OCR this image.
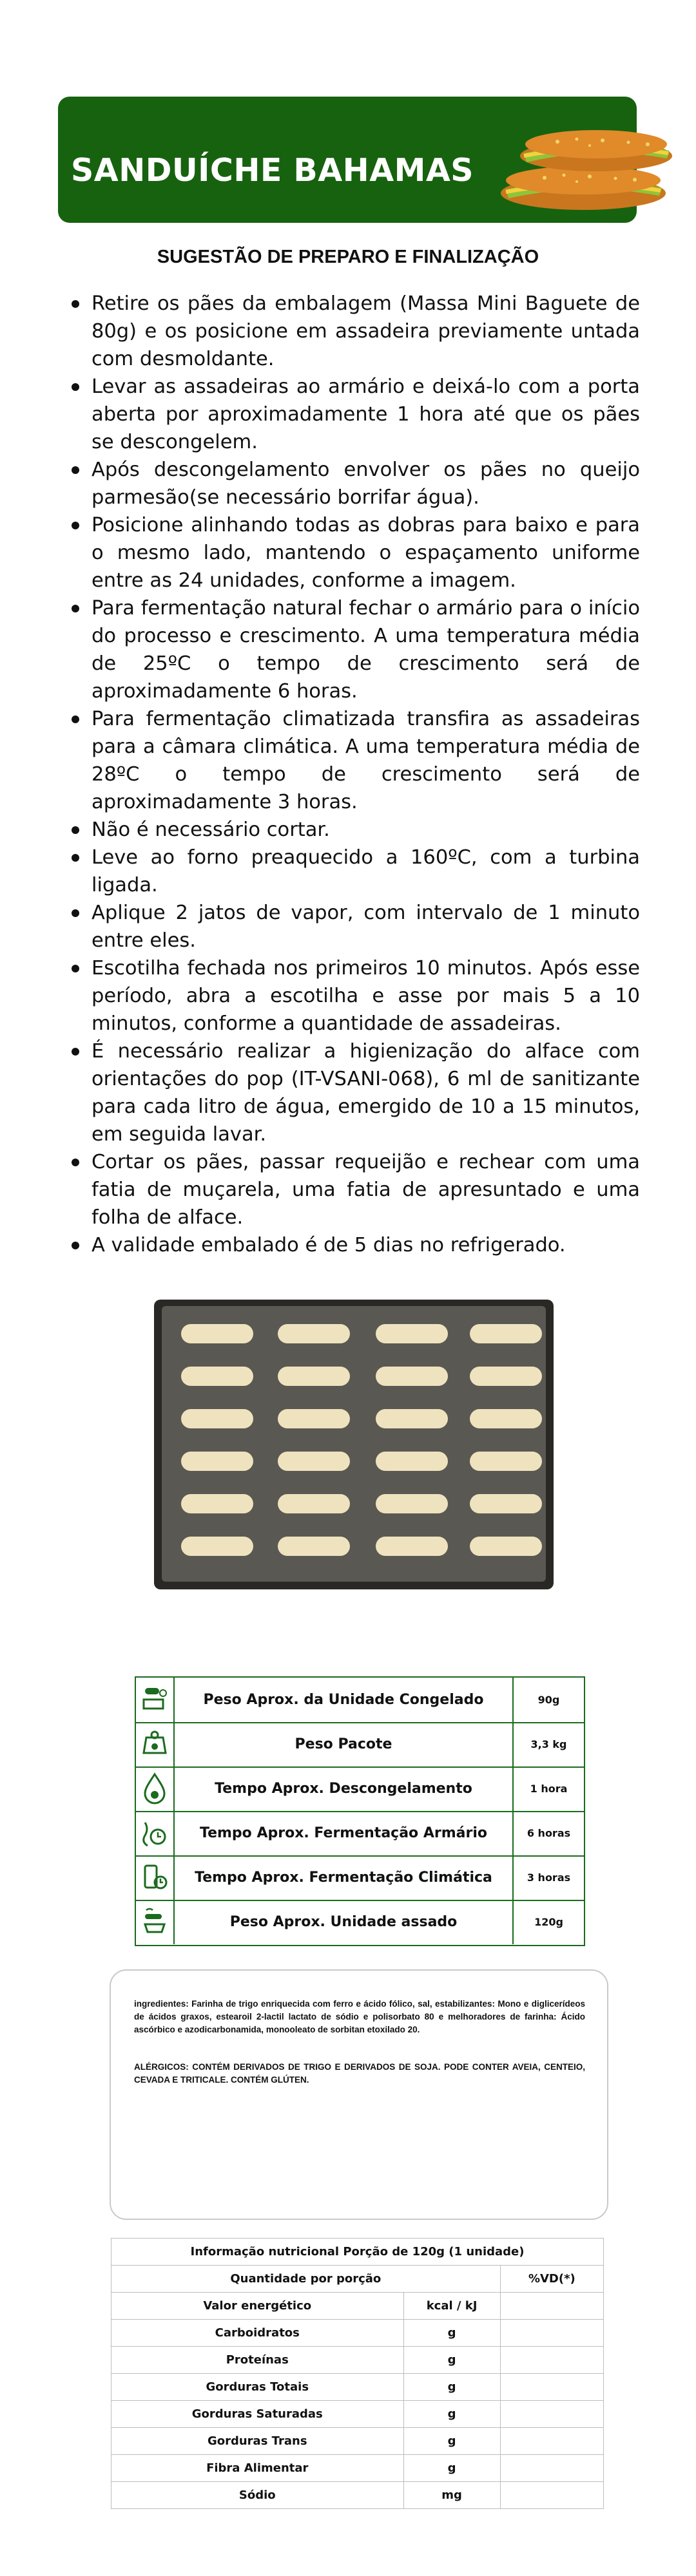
SANDUÍCHE BAHAMAS
SUGESTÃO DE PREPARO E FINALIZAÇÃO
Retire os pães da embalagem (Massa Mini Baguete de 80g) e os posicione em assadeira previamente untada com desmoldante.
Levar as assadeiras ao armário e deixá-lo com a porta aberta por aproximadamente 1 hora até que os pães se descongelem.
Após descongelamento envolver os pães no queijo parmesão(se necessário borrifar água).
Posicione alinhando todas as dobras para baixo e para o mesmo lado, mantendo o espaçamento uniforme entre as 24 unidades, conforme a imagem.
Para fermentação natural fechar o armário para o início do processo e crescimento. A uma temperatura média de 25ºC o tempo de crescimento será de aproximadamente 6 horas.
Para fermentação climatizada transfira as assadeiras para a câmara climática. A uma temperatura média de 28ºC o tempo de crescimento será de aproximadamente 3 horas.
Não é necessário cortar.
Leve ao forno preaquecido a 160ºC, com a turbina ligada.
Aplique 2 jatos de vapor, com intervalo de 1 minuto entre eles.
Escotilha fechada nos primeiros 10 minutos. Após esse período, abra a escotilha e asse por mais 5 a 10 minutos, conforme a quantidade de assadeiras.
É necessário realizar a higienização do alface com orientações do pop (IT-VSANI-068), 6 ml de sanitizante para cada litro de água, emergido de 10 a 15 minutos, em seguida lavar.
Cortar os pães, passar requeijão e rechear com uma fatia de muçarela, uma fatia de apresuntado e uma folha de alface.
A validade embalado é de 5 dias no refrigerado.
Peso Aprox. da Unidade Congelado	90g
Peso Pacote	3,3 kg
Tempo Aprox. Descongelamento	1 hora
Tempo Aprox. Fermentação Armário	6 horas
Tempo Aprox. Fermentação Climática	3 horas
Peso Aprox. Unidade assado	120g

ingredientes: Farinha de trigo enriquecida com ferro e ácido fólico, sal, estabilizantes: Mono e diglicerídeos de ácidos graxos, estearoil 2-lactil lactato de sódio e polisorbato 80 e melhoradores de farinha: Ácido ascórbico e azodicarbonamida, monooleato de sorbitan etoxilado 20.

ALÉRGICOS: CONTÉM DERIVADOS DE TRIGO E DERIVADOS DE SOJA. PODE CONTER AVEIA, CENTEIO, CEVADA E TRITICALE. CONTÉM GLÚTEN.

Informação nutricional Porção de 120g (1 unidade)		
Quantidade por porção		%VD(*)
Valor energético	kcal / kJ	
Carboidratos	g	
Proteínas	g	
Gorduras Totais	g	
Gorduras Saturadas	g	
Gorduras Trans	g	
Fibra Alimentar	g	
Sódio	mg	
